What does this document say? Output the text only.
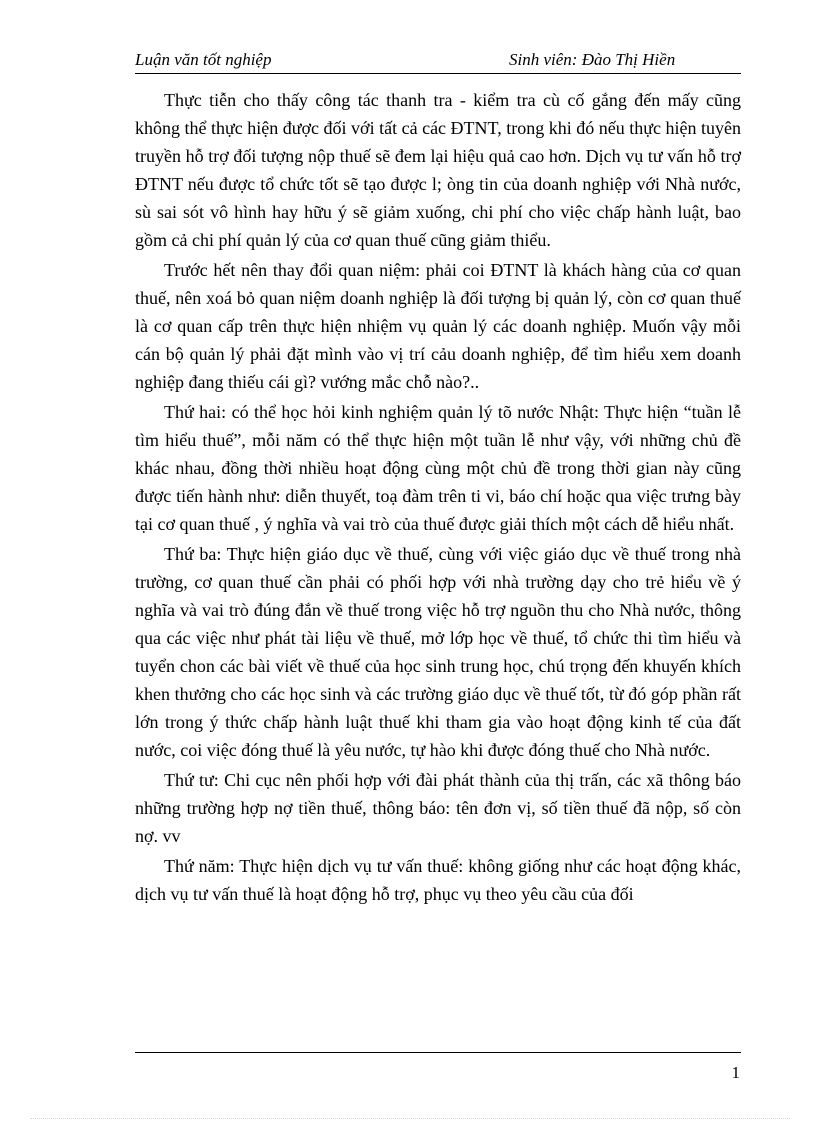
Luận văn tốt nghiệp	Sinh viên: Đào Thị Hiền

Thực tiễn cho thấy công tác thanh tra - kiểm tra cù cố gắng đến mấy cũng không thể thực hiện được đối với tất cả các ĐTNT, trong khi đó nếu thực hiện tuyên truyền hỗ trợ đối tượng nộp thuế sẽ đem lại hiệu quả cao hơn. Dịch vụ tư vấn hỗ trợ ĐTNT nếu được tổ chức tốt sẽ tạo được l; òng tin của doanh nghiệp với Nhà nước, sù sai sót vô hình hay hữu ý sẽ giảm xuống, chi phí cho việc chấp hành luật, bao gồm cả chi phí quản lý của cơ quan thuế cũng giảm thiểu.

Trước hết nên thay đổi quan niệm: phải coi ĐTNT là khách hàng của cơ quan thuế, nên xoá bỏ quan niệm doanh nghiệp là đối tượng bị quản lý, còn cơ quan thuế là cơ quan cấp trên thực hiện nhiệm vụ quản lý các doanh nghiệp. Muốn vậy mỗi cán bộ quản lý phải đặt mình vào vị trí cảu doanh nghiệp, để tìm hiểu xem doanh nghiệp đang thiếu cái gì? vướng mắc chỗ nào?..

Thứ hai: có thể học hỏi kinh nghiệm quản lý tõ nước Nhật: Thực hiện “tuần lễ tìm hiểu thuế”, mỗi năm có thể thực hiện một tuần lễ như vậy, với những chủ đề khác nhau, đồng thời nhiều hoạt động cùng một chủ đề trong thời gian này cũng được tiến hành như: diễn thuyết, toạ đàm trên ti vi, báo chí hoặc qua việc trưng bày tại cơ quan thuế , ý nghĩa và vai trò của thuế được giải thích một cách dễ hiểu nhất.

Thứ ba: Thực hiện giáo dục về thuế, cùng với việc giáo dục về thuế trong nhà trường, cơ quan thuế cần phải có phối hợp với nhà trường dạy cho trẻ hiểu về ý nghĩa và vai trò đúng đắn về thuế trong việc hỗ trợ nguồn thu cho Nhà nước, thông qua các việc như phát tài liệu về thuế, mở lớp học về thuế, tổ chức thi tìm hiểu và tuyển chon các bài viết về thuế của học sinh trung học, chú trọng đến khuyến khích khen thưởng cho các học sinh và các trường giáo dục về thuế tốt, từ đó góp phần rất lớn trong ý thức chấp hành luật thuế khi tham gia vào hoạt động kinh tế của đất nước, coi việc đóng thuế là yêu nước, tự hào khi được đóng thuế cho Nhà nước.

Thứ tư: Chi cục nên phối hợp với đài phát thành của thị trấn, các xã thông báo những trường hợp nợ tiền thuế, thông báo: tên đơn vị, số tiền thuế đã nộp, số còn nợ. vv

Thứ năm: Thực hiện dịch vụ tư vấn thuế: không giống như các hoạt động khác, dịch vụ tư vấn thuế là hoạt động hỗ trợ, phục vụ theo yêu cầu của đối

1
